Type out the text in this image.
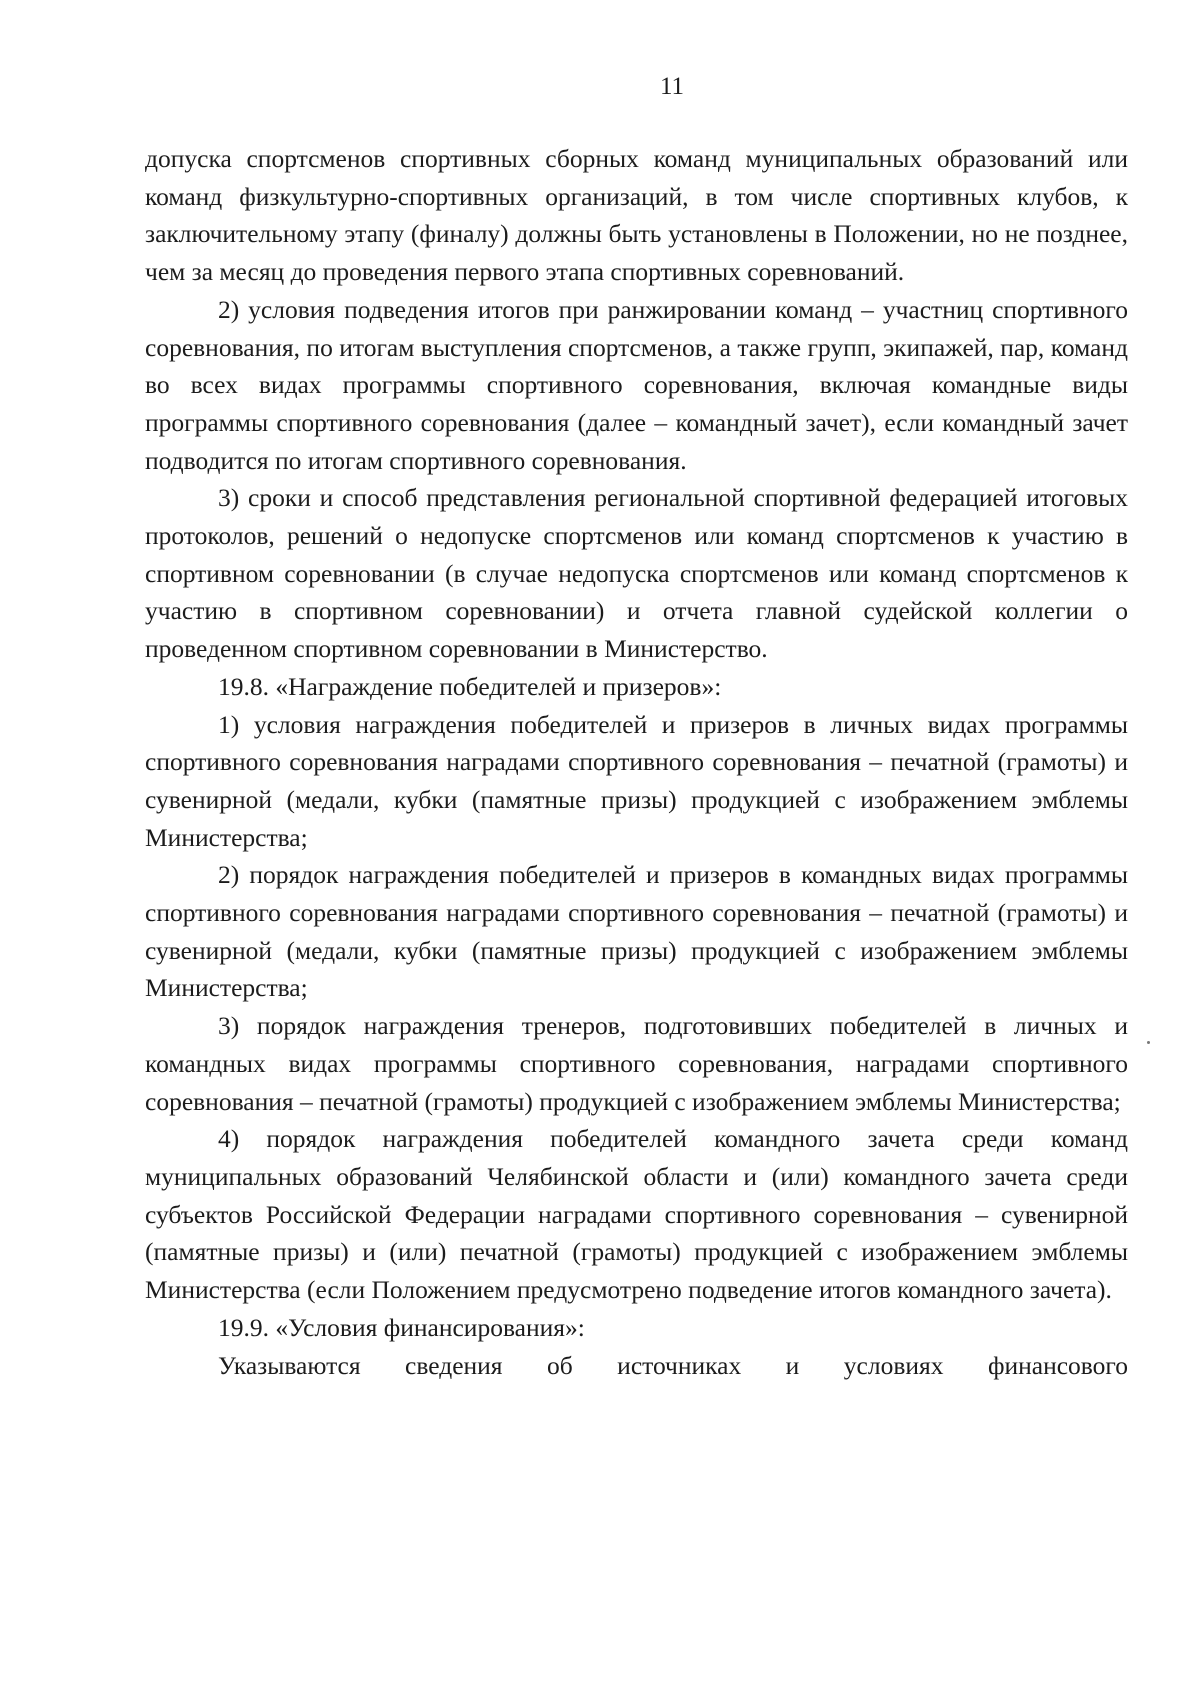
11

допуска спортсменов спортивных сборных команд муниципальных образований или команд физкультурно-спортивных организаций, в том числе спортивных клубов, к заключительному этапу (финалу) должны быть установлены в Положении, но не позднее, чем за месяц до проведения первого этапа спортивных соревнований.

2) условия подведения итогов при ранжировании команд – участниц спортивного соревнования, по итогам выступления спортсменов, а также групп, экипажей, пар, команд во всех видах программы спортивного соревнования, включая командные виды программы спортивного соревнования (далее – командный зачет), если командный зачет подводится по итогам спортивного соревнования.

3) сроки и способ представления региональной спортивной федерацией итоговых протоколов, решений о недопуске спортсменов или команд спортсменов к участию в спортивном соревновании (в случае недопуска спортсменов или команд спортсменов к участию в спортивном соревновании) и отчета главной судейской коллегии о проведенном спортивном соревновании в Министерство.

19.8. «Награждение победителей и призеров»:

1) условия награждения победителей и призеров в личных видах программы спортивного соревнования наградами спортивного соревнования – печатной (грамоты) и сувенирной (медали, кубки (памятные призы) продукцией с изображением эмблемы Министерства;

2) порядок награждения победителей и призеров в командных видах программы спортивного соревнования наградами спортивного соревнования – печатной (грамоты) и сувенирной (медали, кубки (памятные призы) продукцией с изображением эмблемы Министерства;

3) порядок награждения тренеров, подготовивших победителей в личных и командных видах программы спортивного соревнования, наградами спортивного соревнования – печатной (грамоты) продукцией с изображением эмблемы Министерства;

4) порядок награждения победителей командного зачета среди команд муниципальных образований Челябинской области и (или) командного зачета среди субъектов Российской Федерации наградами спортивного соревнования – сувенирной (памятные призы) и (или) печатной (грамоты) продукцией с изображением эмблемы Министерства (если Положением предусмотрено подведение итогов командного зачета).

19.9. «Условия финансирования»:

Указываются сведения об источниках и условиях финансового
